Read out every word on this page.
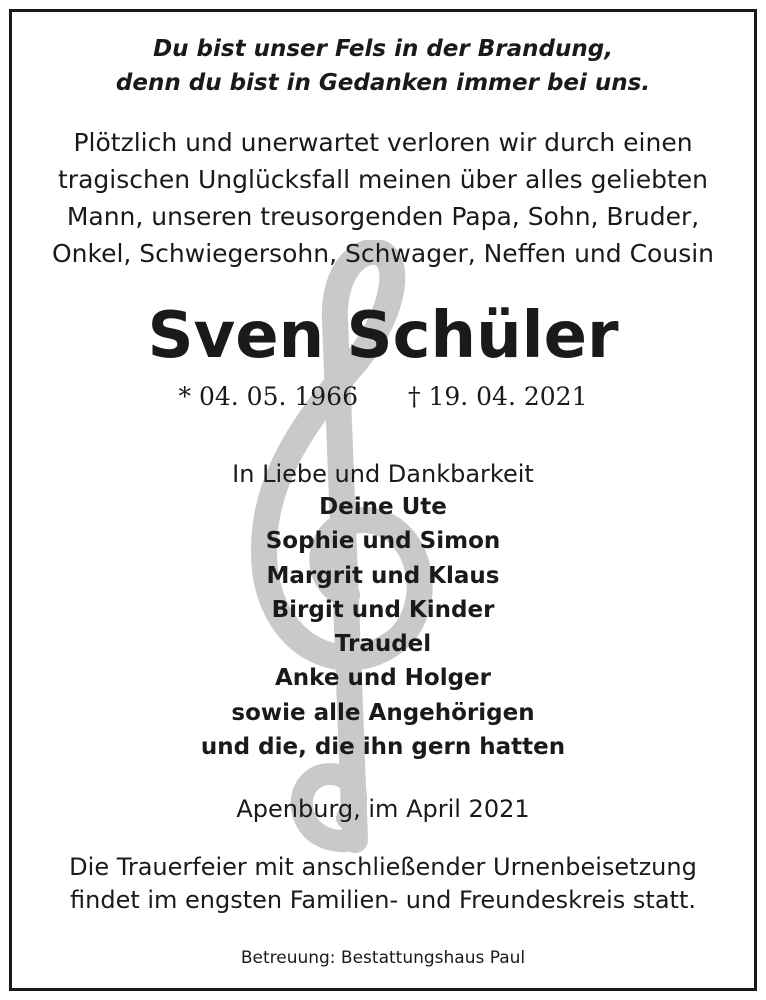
Du bist unser Fels in der Brandung,
denn du bist in Gedanken immer bei uns.
Plötzlich und unerwartet verloren wir durch einen
tragischen Unglücksfall meinen über alles geliebten
Mann, unseren treusorgenden Papa, Sohn, Bruder,
Onkel, Schwiegersohn, Schwager, Neffen und Cousin
Sven Schüler
* 04. 05. 1966 † 19. 04. 2021
In Liebe und Dankbarkeit
Deine Ute
Sophie und Simon
Margrit und Klaus
Birgit und Kinder
Traudel
Anke und Holger
sowie alle Angehörigen
und die, die ihn gern hatten
Apenburg, im April 2021
Die Trauerfeier mit anschließender Urnenbeisetzung
findet im engsten Familien- und Freundeskreis statt.
Betreuung: Bestattungshaus Paul
